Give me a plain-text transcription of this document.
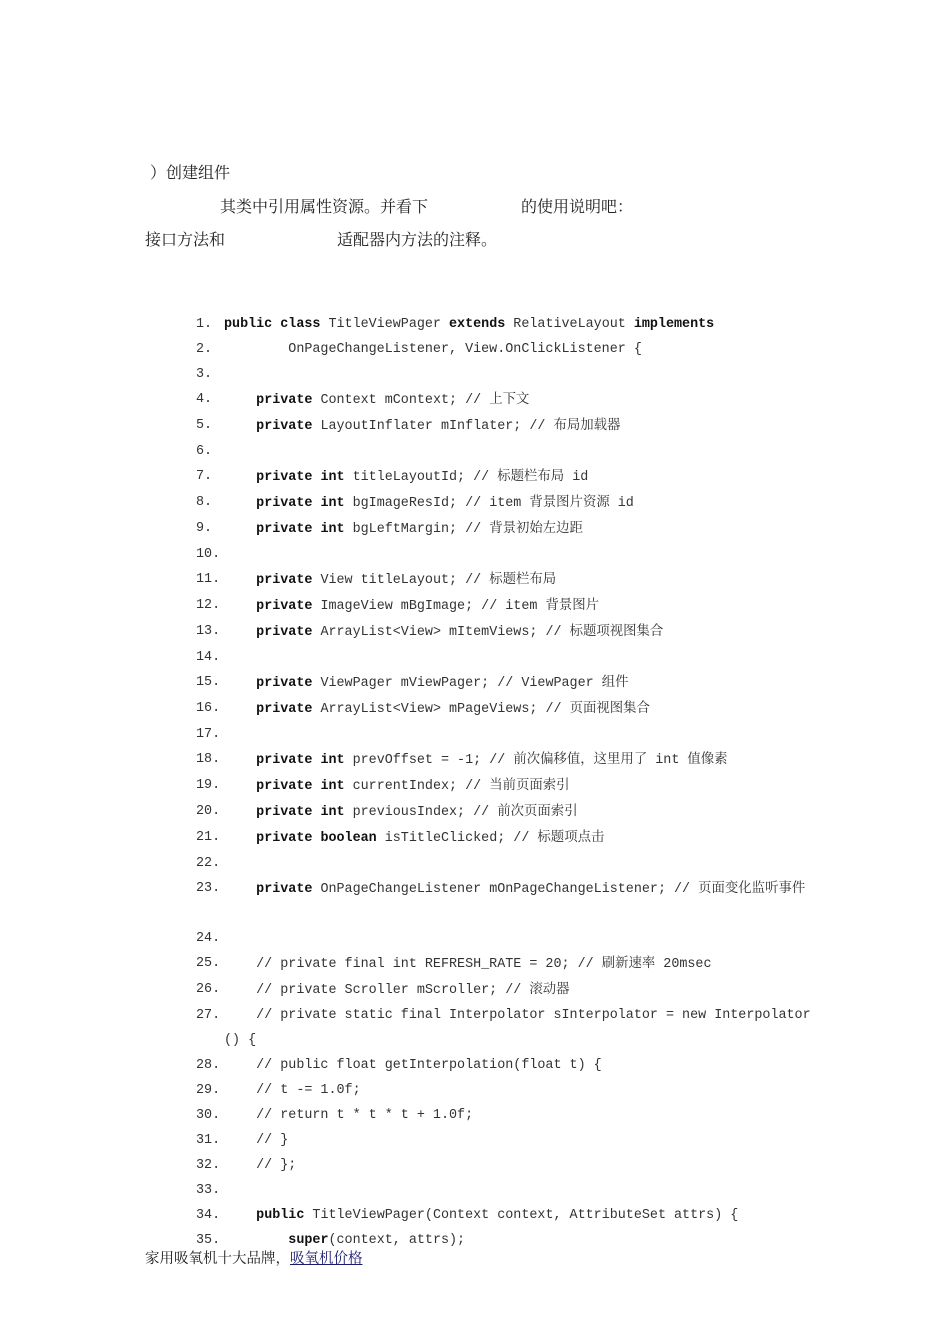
）创建组件
其类中引用属性资源。并看下	的使用说明吧：
接口方法和	适配器内方法的注释。
1. public class TitleViewPager extends RelativeLayout implements
2. OnPageChangeListener, View.OnClickListener {
3.
4.	private Context mContext; // 上下文
5.	private LayoutInflater mInflater; // 布局加载器
6.
7.	private int titleLayoutId; // 标题栏布局 id
8.	private int bgImageResId; // item 背景图片资源 id
9.	private int bgLeftMargin; // 背景初始左边距
10.
11.	private View titleLayout; // 标题栏布局
12.	private ImageView mBgImage; // item 背景图片
13.	private ArrayList<View> mItemViews; // 标题项视图集合
14.
15.	private ViewPager mViewPager; // ViewPager 组件
16.	private ArrayList<View> mPageViews; // 页面视图集合
17.
18.	private int prevOffset = -1; // 前次偏移值，这里用了 int 值像素
19.	private int currentIndex; // 当前页面索引
20.	private int previousIndex; // 前次页面索引
21.	private boolean isTitleClicked; // 标题项点击
22.
23.	private OnPageChangeListener mOnPageChangeListener; // 页面变化监听事件
24.
25. // private final int REFRESH_RATE = 20; // 刷新速率 20msec
26. // private Scroller mScroller; // 滚动器
27. // private static final Interpolator sInterpolator = new Interpolator() {
28. // public float getInterpolation(float t) {
29. // t -= 1.0f;
30. // return t * t * t + 1.0f;
31. // }
32. // };
33.
34.	public TitleViewPager(Context context, AttributeSet attrs) {
35.	super(context, attrs);
家用吸氧机十大品牌，吸氧机价格
